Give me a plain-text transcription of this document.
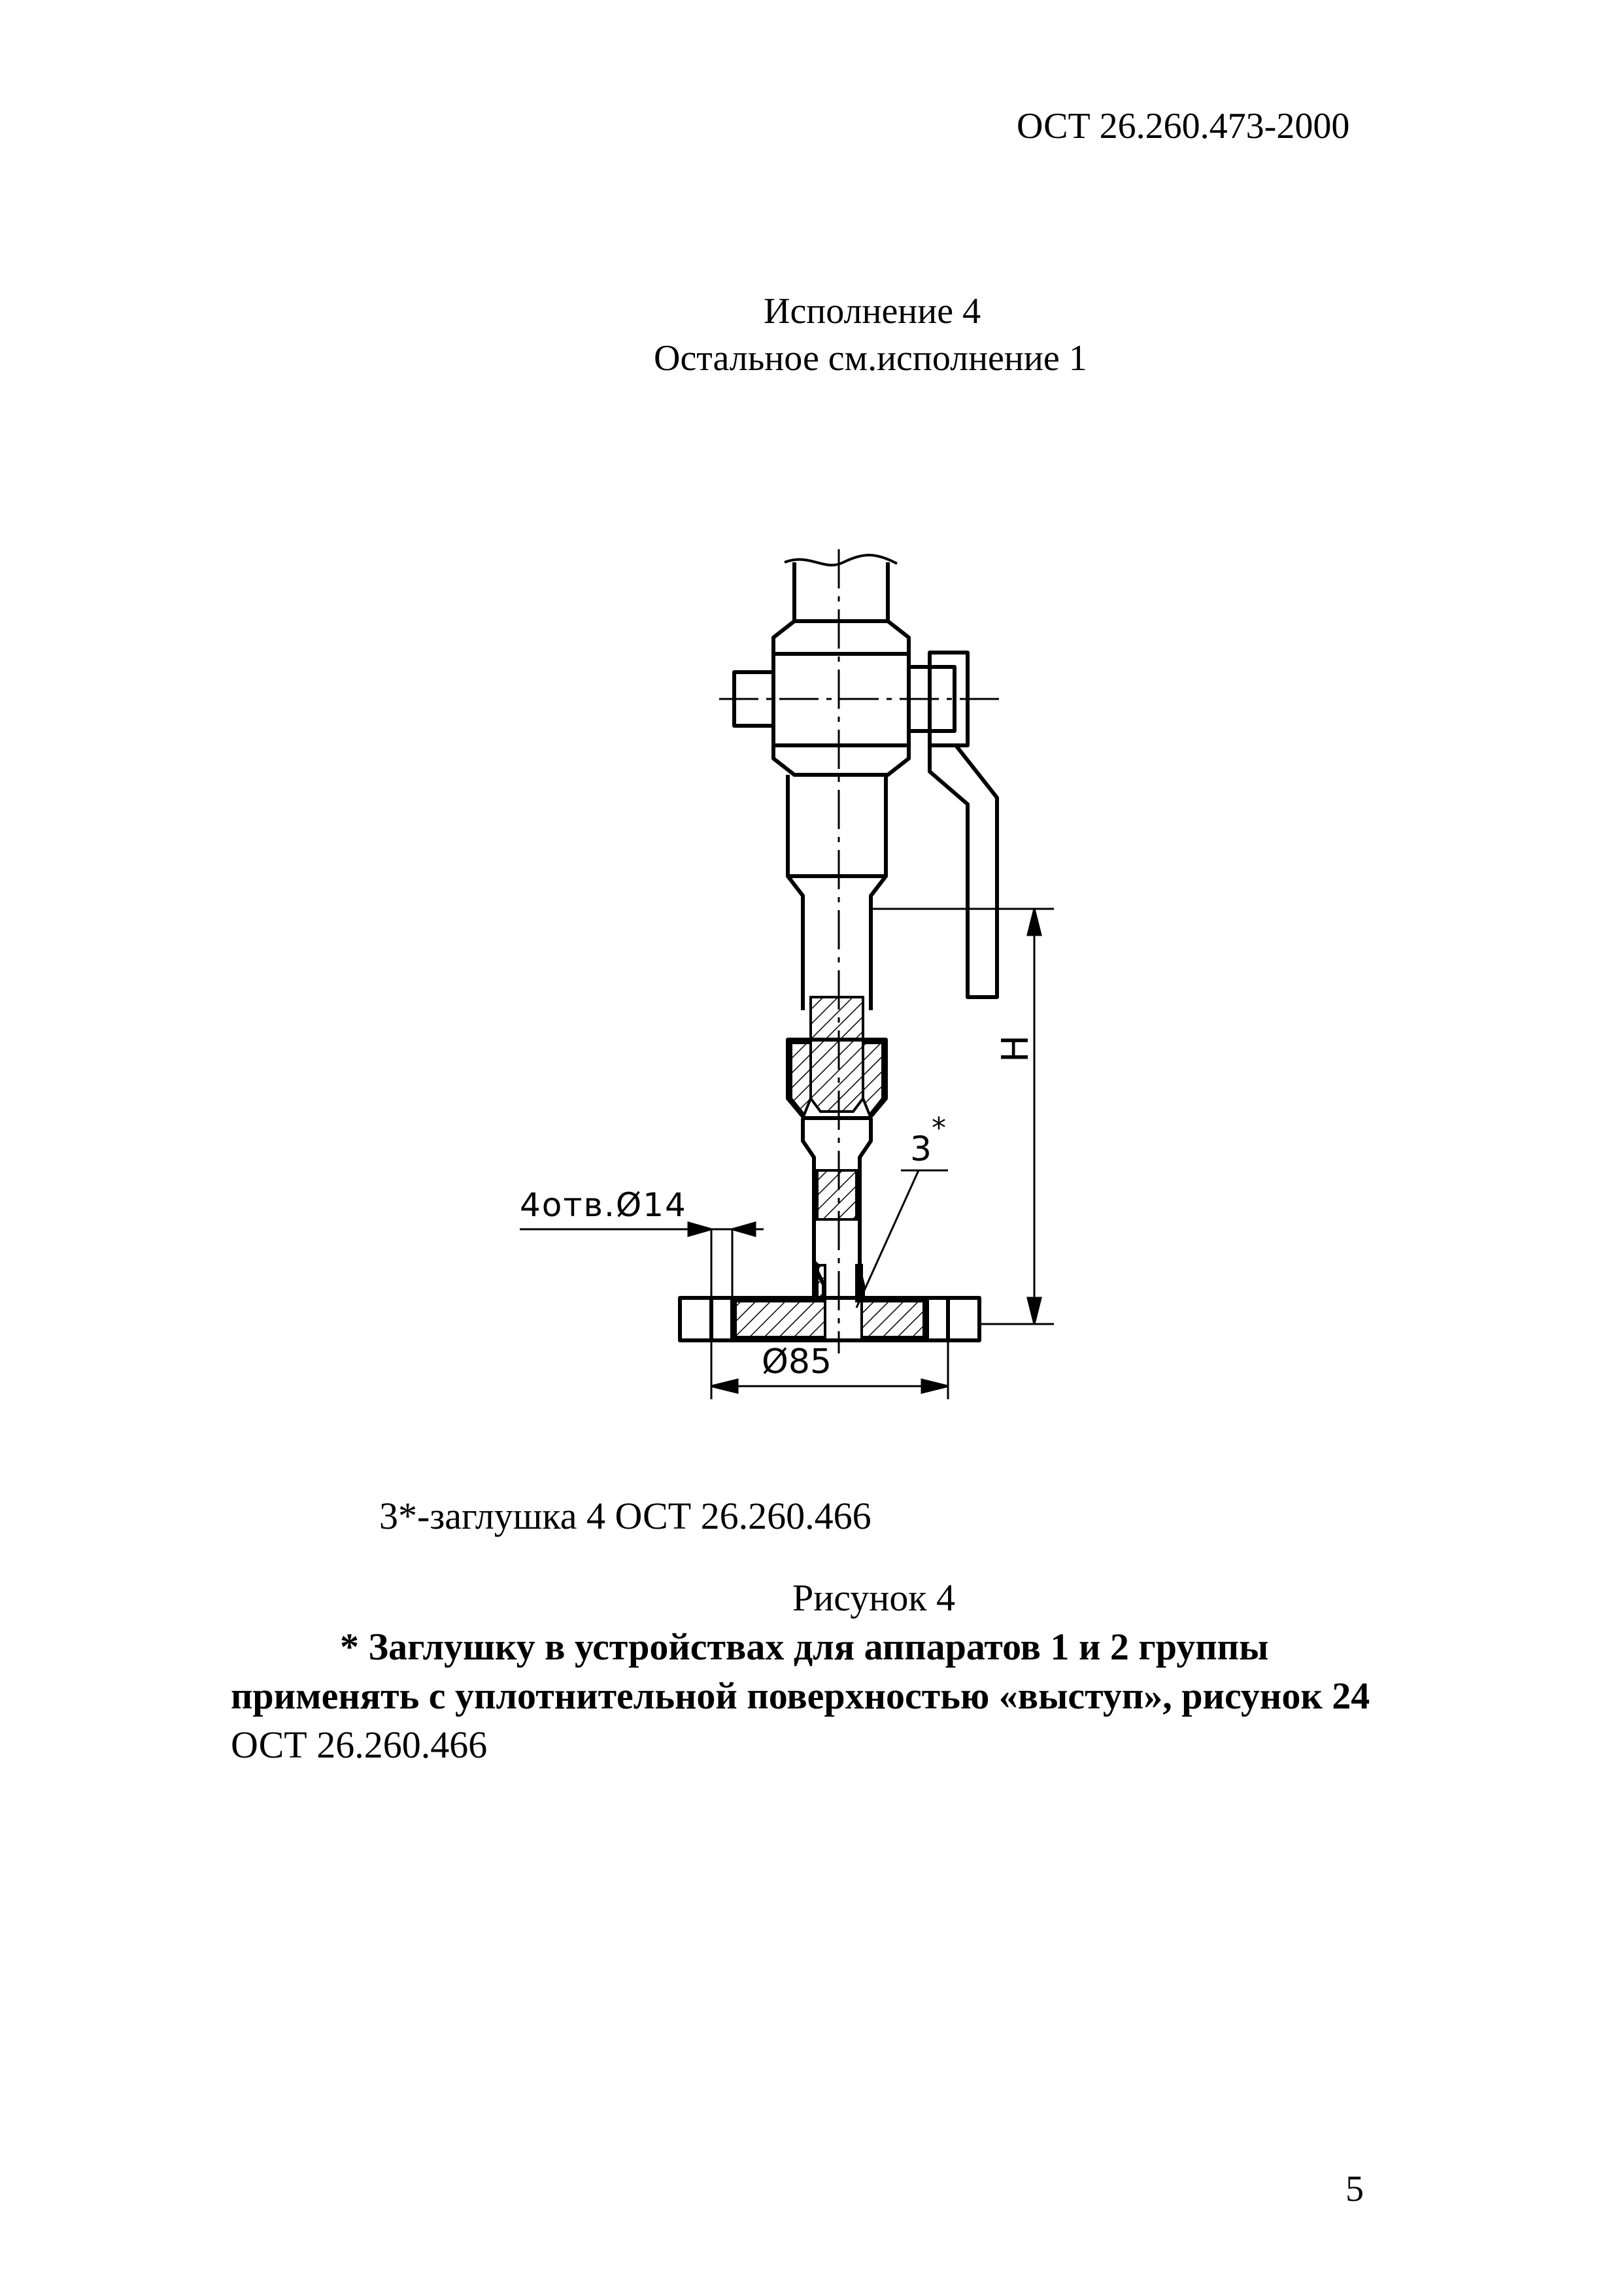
ОСТ 26.260.473-2000
Исполнение 4
Остальное см.исполнение 1
4отв.Ø14
Ø85
Н
3
*
3*-заглушка 4 ОСТ 26.260.466
Рисунок 4
* Заглушку в устройствах для аппаратов 1 и 2 группы
применять с уплотнительной поверхностью «выступ», рисунок 24
ОСТ 26.260.466
5
